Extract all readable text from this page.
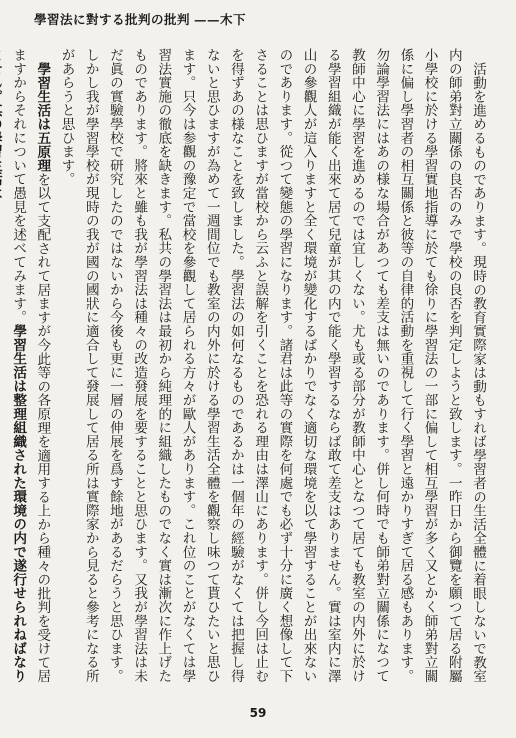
學習法に對する批判の批判 ——木下

活動を進めるものであります。現時の教育實際家は動もすれば學習者の生活全體に着眼しないで教室内の師弟對立關係の良否のみで學校の良否を判定しようと致します。一昨日から御覽を願つて居る附屬小學校に於ける學習實地指導に於ても徐りに學習法の一部に偏して相互學習が多く又とかく師弟對立關係に偏し學習者の相互關係と彼等の自律的活動を重視して行く學習と遠かりすぎて居る感もあります。勿論學習法にはあの様な場合があつても差支は無いのであります。併し何時でも師弟對立關係になつて教師中心に學習を進めるのでは宜しくない。尤も或る部分が教師中心となつて居ても教室の内外に於ける學習組織が能く出來て居て兒童が其の内で能く學習するならば敢て差支はありません。實は室内に澤山の參觀人が這入りますと全く環境が變化するばかりでなく適切な環境を以て學習することが出來ないのであります。從つて變態の學習になります。諸君は此等の實際を何處でも必ず十分に廣く想像して下さることは思ひますが當校から云ふと誤解を引くことを恐れる理由は澤山にあります。併し今回は止むを得ずあの様なことを致しました。學習法の如何なるものであるかは一個年の經驗がなくては把握し得ないと思ひますが為めて一週間位でも教室の内外に於ける學習生活全體を觀察し味つて貰ひたいと思ひます。只今は参觀の豫定で當校を參觀して居られる方々が歐人があります。これ位のことがなくては學習法實施の徹底を缺きます。私共の學習法は最初から純理的に組織したものでなく實は漸次に作上げたものであります。將來と雖も我が學習法は種々の改造發展を要することと思ひます。又我が學習法は未だ眞の實驗學校で研究したのではないから今後も更に一層の伸展を爲す餘地があるだらうと思ひます。しかし我が學習學校が現時の我が國の國狀に適合して發展して居る所は實際家から見ると參考になる所があらうと思ひます。

學習生活は五原理を以て支配されて居ますが今此等の各原理を適用する上から種々の批判を受けて居ますからそれについて愚見を述べてみます。學習生活は整理組織された環境の内で遂行せられねばなり

59
